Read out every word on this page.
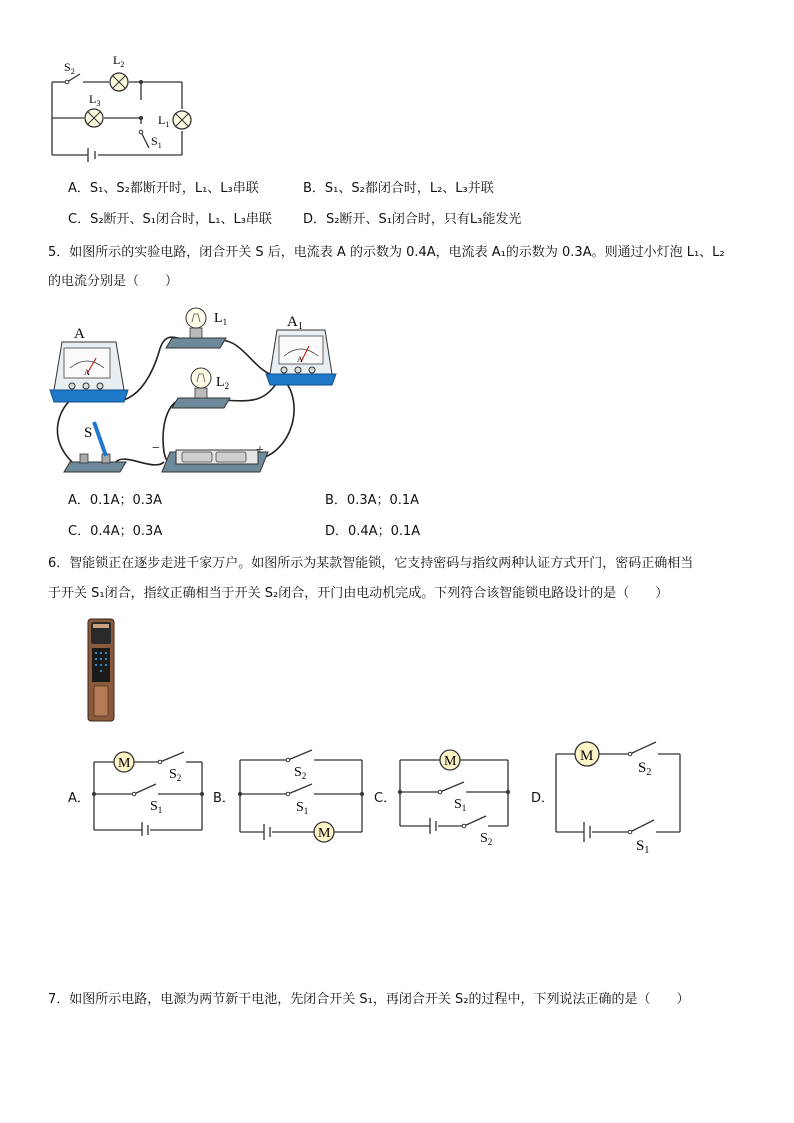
$S_2$
$L_2$
$L_3$
$L_1$
$S_1$
A．S₁、S₂都断开时，L₁、L₃串联	B．S₁、S₂都闭合时，L₂、L₃并联
C．S₂断开、S₁闭合时，L₁、L₃串联 D．S₂断开、S₁闭合时，只有L₃能发光
5．如图所示的实验电路，闭合开关 S 后，电流表 A 的示数为 0.4A，电流表 A₁的示数为 0.3A。则通过小灯泡 L₁、L₂
的电流分别是（　　）
A
A
$A_1$
A
$L_1$
$L_2$
S
−	+
A．0.1A；0.3A	B．0.3A；0.1A
C．0.4A；0.3A	D．0.4A；0.1A
6．智能锁正在逐步走进千家万户。如图所示为某款智能锁，它支持密码与指纹两种认证方式开门，密码正确相当
于开关 S₁闭合，指纹正确相当于开关 S₂闭合，开门由电动机完成。下列符合该智能锁电路设计的是（　　）
A．
M
$S_2$
$S_1$
B．
M
$S_2$
$S_1$
C．
M
$S_1$
$S_2$
D．
M
$S_2$
$S_1$
7．如图所示电路，电源为两节新干电池，先闭合开关 S₁，再闭合开关 S₂的过程中，下列说法正确的是（　　）
